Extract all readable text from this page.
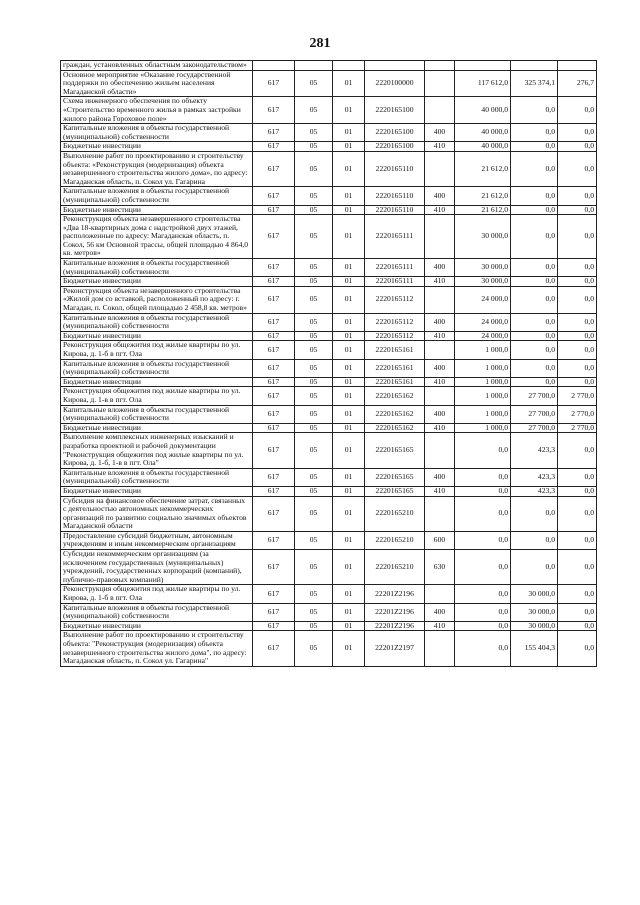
281
граждан, установленных областным законодательством»								
Основное мероприятие «Оказание государственной поддержки по обеспечению жильем населения Магаданской области»	617	05	01	2220100000		117 612,0	325 374,1	276,7
Схема инженерного обеспечения по объекту «Строительство временного жилья в рамках застройки жилого района Гороховое поле»	617	05	01	2220165100		40 000,0	0,0	0,0
Капитальные вложения в объекты государственной (муниципальной) собственности	617	05	01	2220165100	400	40 000,0	0,0	0,0
Бюджетные инвестиции	617	05	01	2220165100	410	40 000,0	0,0	0,0
Выполнение работ по проектированию и строительству объекта: «Реконструкция (модернизация) объекта незавершенного строительства жилого дома», по адресу: Магаданская область, п. Сокол ул. Гагарина	617	05	01	2220165110		21 612,0	0,0	0,0
Капитальные вложения в объекты государственной (муниципальной) собственности	617	05	01	2220165110	400	21 612,0	0,0	0,0
Бюджетные инвестиции	617	05	01	2220165110	410	21 612,0	0,0	0,0
Реконструкция объекта незавершенного строительства «Два 18-квартирных дома с надстройкой двух этажей, расположенные по адресу: Магаданская область, п. Сокол, 56 км Основной трассы, общей площадью 4 864,0 кв. метров»	617	05	01	2220165111		30 000,0	0,0	0,0
Капитальные вложения в объекты государственной (муниципальной) собственности	617	05	01	2220165111	400	30 000,0	0,0	0,0
Бюджетные инвестиции	617	05	01	2220165111	410	30 000,0	0,0	0,0
Реконструкция объекта незавершенного строительства «Жилой дом со вставкой, расположенный по адресу: г. Магадан, п. Сокол, общей площадью 2 458,8 кв. метров»	617	05	01	2220165112		24 000,0	0,0	0,0
Капитальные вложения в объекты государственной (муниципальной) собственности	617	05	01	2220165112	400	24 000,0	0,0	0,0
Бюджетные инвестиции	617	05	01	2220165112	410	24 000,0	0,0	0,0
Реконструкция общежития под жилые квартиры по ул. Кирова, д. 1-б в пгт. Ола	617	05	01	2220165161		1 000,0	0,0	0,0
Капитальные вложения в объекты государственной (муниципальной) собственности	617	05	01	2220165161	400	1 000,0	0,0	0,0
Бюджетные инвестиции	617	05	01	2220165161	410	1 000,0	0,0	0,0
Реконструкция общежития под жилые квартиры по ул. Кирова, д. 1-в в пгт. Ола	617	05	01	2220165162		1 000,0	27 700,0	2 770,0
Капитальные вложения в объекты государственной (муниципальной) собственности	617	05	01	2220165162	400	1 000,0	27 700,0	2 770,0
Бюджетные инвестиции	617	05	01	2220165162	410	1 000,0	27 700,0	2 770,0
Выполнение комплексных инженерных изысканий и разработка проектной и рабочей документации "Реконструкция общежития под жилые квартиры по ул. Кирова, д. 1-б, 1-в в пгт. Ола"	617	05	01	2220165165		0,0	423,3	0,0
Капитальные вложения в объекты государственной (муниципальной) собственности	617	05	01	2220165165	400	0,0	423,3	0,0
Бюджетные инвестиции	617	05	01	2220165165	410	0,0	423,3	0,0
Субсидия на финансовое обеспечение затрат, связанных с деятельностью автономных некоммерческих организаций по развитию социально значимых объектов Магаданской области	617	05	01	2220165210		0,0	0,0	0,0
Предоставление субсидий бюджетным, автономным учреждениям и иным некоммерческим организациям	617	05	01	2220165210	600	0,0	0,0	0,0
Субсидии некоммерческим организациям (за исключением государственных (муниципальных) учреждений, государственных корпораций (компаний), публично-правовых компаний)	617	05	01	2220165210	630	0,0	0,0	0,0
Реконструкция общежития под жилые квартиры по ул. Кирова, д. 1-б в пгт. Ола	617	05	01	22201Z2196		0,0	30 000,0	0,0
Капитальные вложения в объекты государственной (муниципальной) собственности	617	05	01	22201Z2196	400	0,0	30 000,0	0,0
Бюджетные инвестиции	617	05	01	22201Z2196	410	0,0	30 000,0	0,0
Выполнение работ по проектированию и строительству объекта: "Реконструкция (модернизация) объекта незавершенного строительства жилого дома", по адресу: Магаданская область, п. Сокол ул. Гагарина"	617	05	01	22201Z2197		0,0	155 404,3	0,0
